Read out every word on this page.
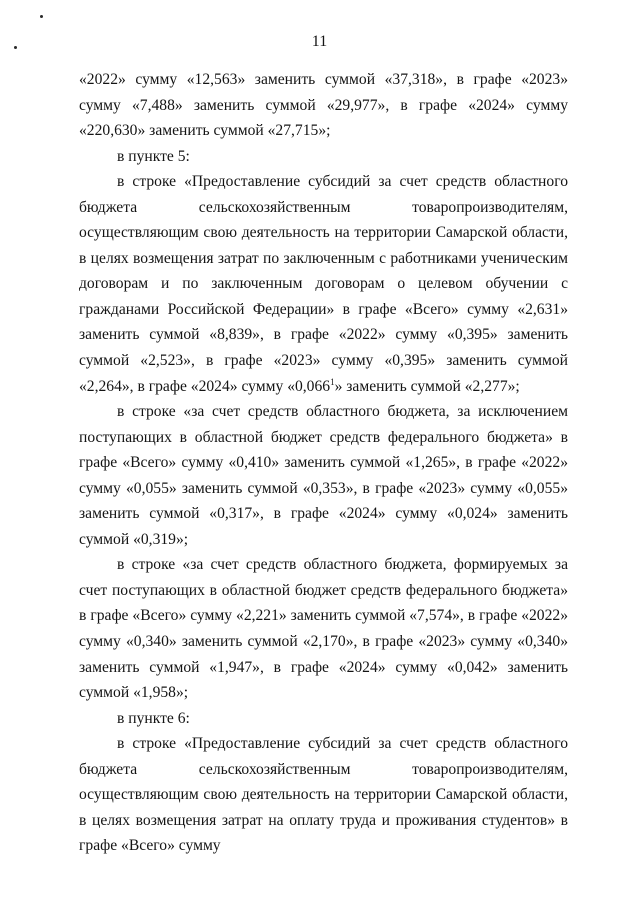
11

«2022» сумму «12,563» заменить суммой «37,318», в графе «2023» сумму «7,488» заменить суммой «29,977», в графе «2024» сумму «220,630» заменить суммой «27,715»;

в пункте 5:

в строке «Предоставление субсидий за счет средств областного бюджета сельскохозяйственным товаропроизводителям, осуществляющим свою деятельность на территории Самарской области, в целях возмещения затрат по заключенным с работниками ученическим договорам и по заключенным договорам о целевом обучении с гражданами Российской Федерации» в графе «Всего» сумму «2,631» заменить суммой «8,839», в графе «2022» сумму «0,395» заменить суммой «2,523», в графе «2023» сумму «0,395» заменить суммой «2,264», в графе «2024» сумму «0,066$^1$» заменить суммой «2,277»;

в строке «за счет средств областного бюджета, за исключением поступающих в областной бюджет средств федерального бюджета» в графе «Всего» сумму «0,410» заменить суммой «1,265», в графе «2022» сумму «0,055» заменить суммой «0,353», в графе «2023» сумму «0,055» заменить суммой «0,317», в графе «2024» сумму «0,024» заменить суммой «0,319»;

в строке «за счет средств областного бюджета, формируемых за счет поступающих в областной бюджет средств федерального бюджета» в графе «Всего» сумму «2,221» заменить суммой «7,574», в графе «2022» сумму «0,340» заменить суммой «2,170», в графе «2023» сумму «0,340» заменить суммой «1,947», в графе «2024» сумму «0,042» заменить суммой «1,958»;

в пункте 6:

в строке «Предоставление субсидий за счет средств областного бюджета сельскохозяйственным товаропроизводителям, осуществляющим свою деятельность на территории Самарской области, в целях возмещения затрат на оплату труда и проживания студентов» в графе «Всего» сумму
